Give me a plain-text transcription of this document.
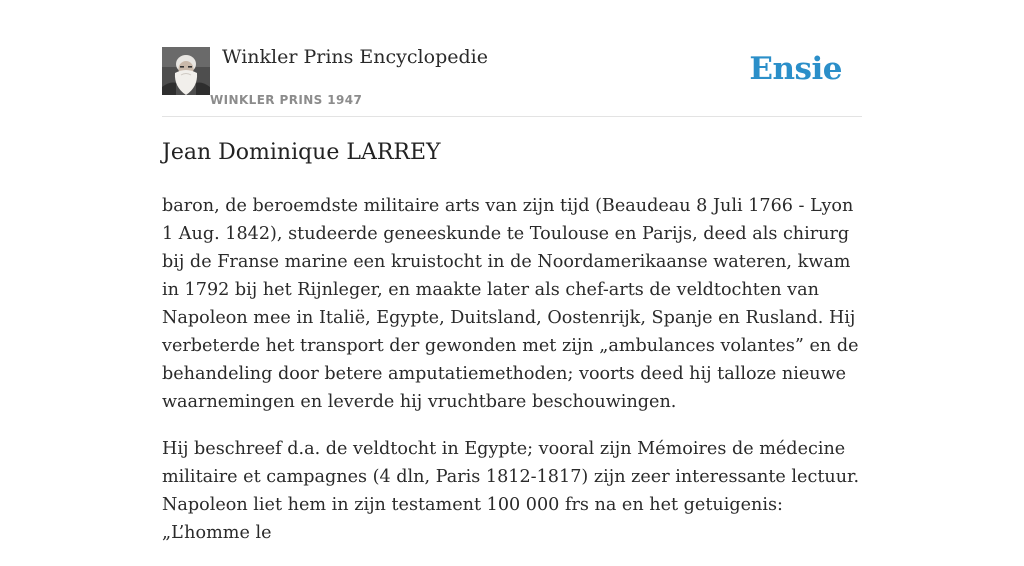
Winkler Prins Encyclopedie
WINKLER PRINS 1947
Ensie
Jean Dominique LARREY

baron, de beroemdste militaire arts van zijn tijd (Beaudeau 8 Juli 1766 - Lyon 1 Aug. 1842), studeerde geneeskunde te Toulouse en Parijs, deed als chirurg bij de Franse marine een kruistocht in de Noordamerikaanse wateren, kwam in 1792 bij het Rijnleger, en maakte later als chef-arts de veldtochten van Napoleon mee in Italië, Egypte, Duitsland, Oostenrijk, Spanje en Rusland. Hij verbeterde het transport der gewonden met zijn „ambulances volantes” en de behandeling door betere amputatiemethoden; voorts deed hij talloze nieuwe waarnemingen en leverde hij vruchtbare beschouwingen.

Hij beschreef d.a. de veldtocht in Egypte; vooral zijn Mémoires de médecine militaire et campagnes (4 dln, Paris 1812-1817) zijn zeer interessante lectuur. Napoleon liet hem in zijn testament 100 000 frs na en het getuigenis: „L’homme le
